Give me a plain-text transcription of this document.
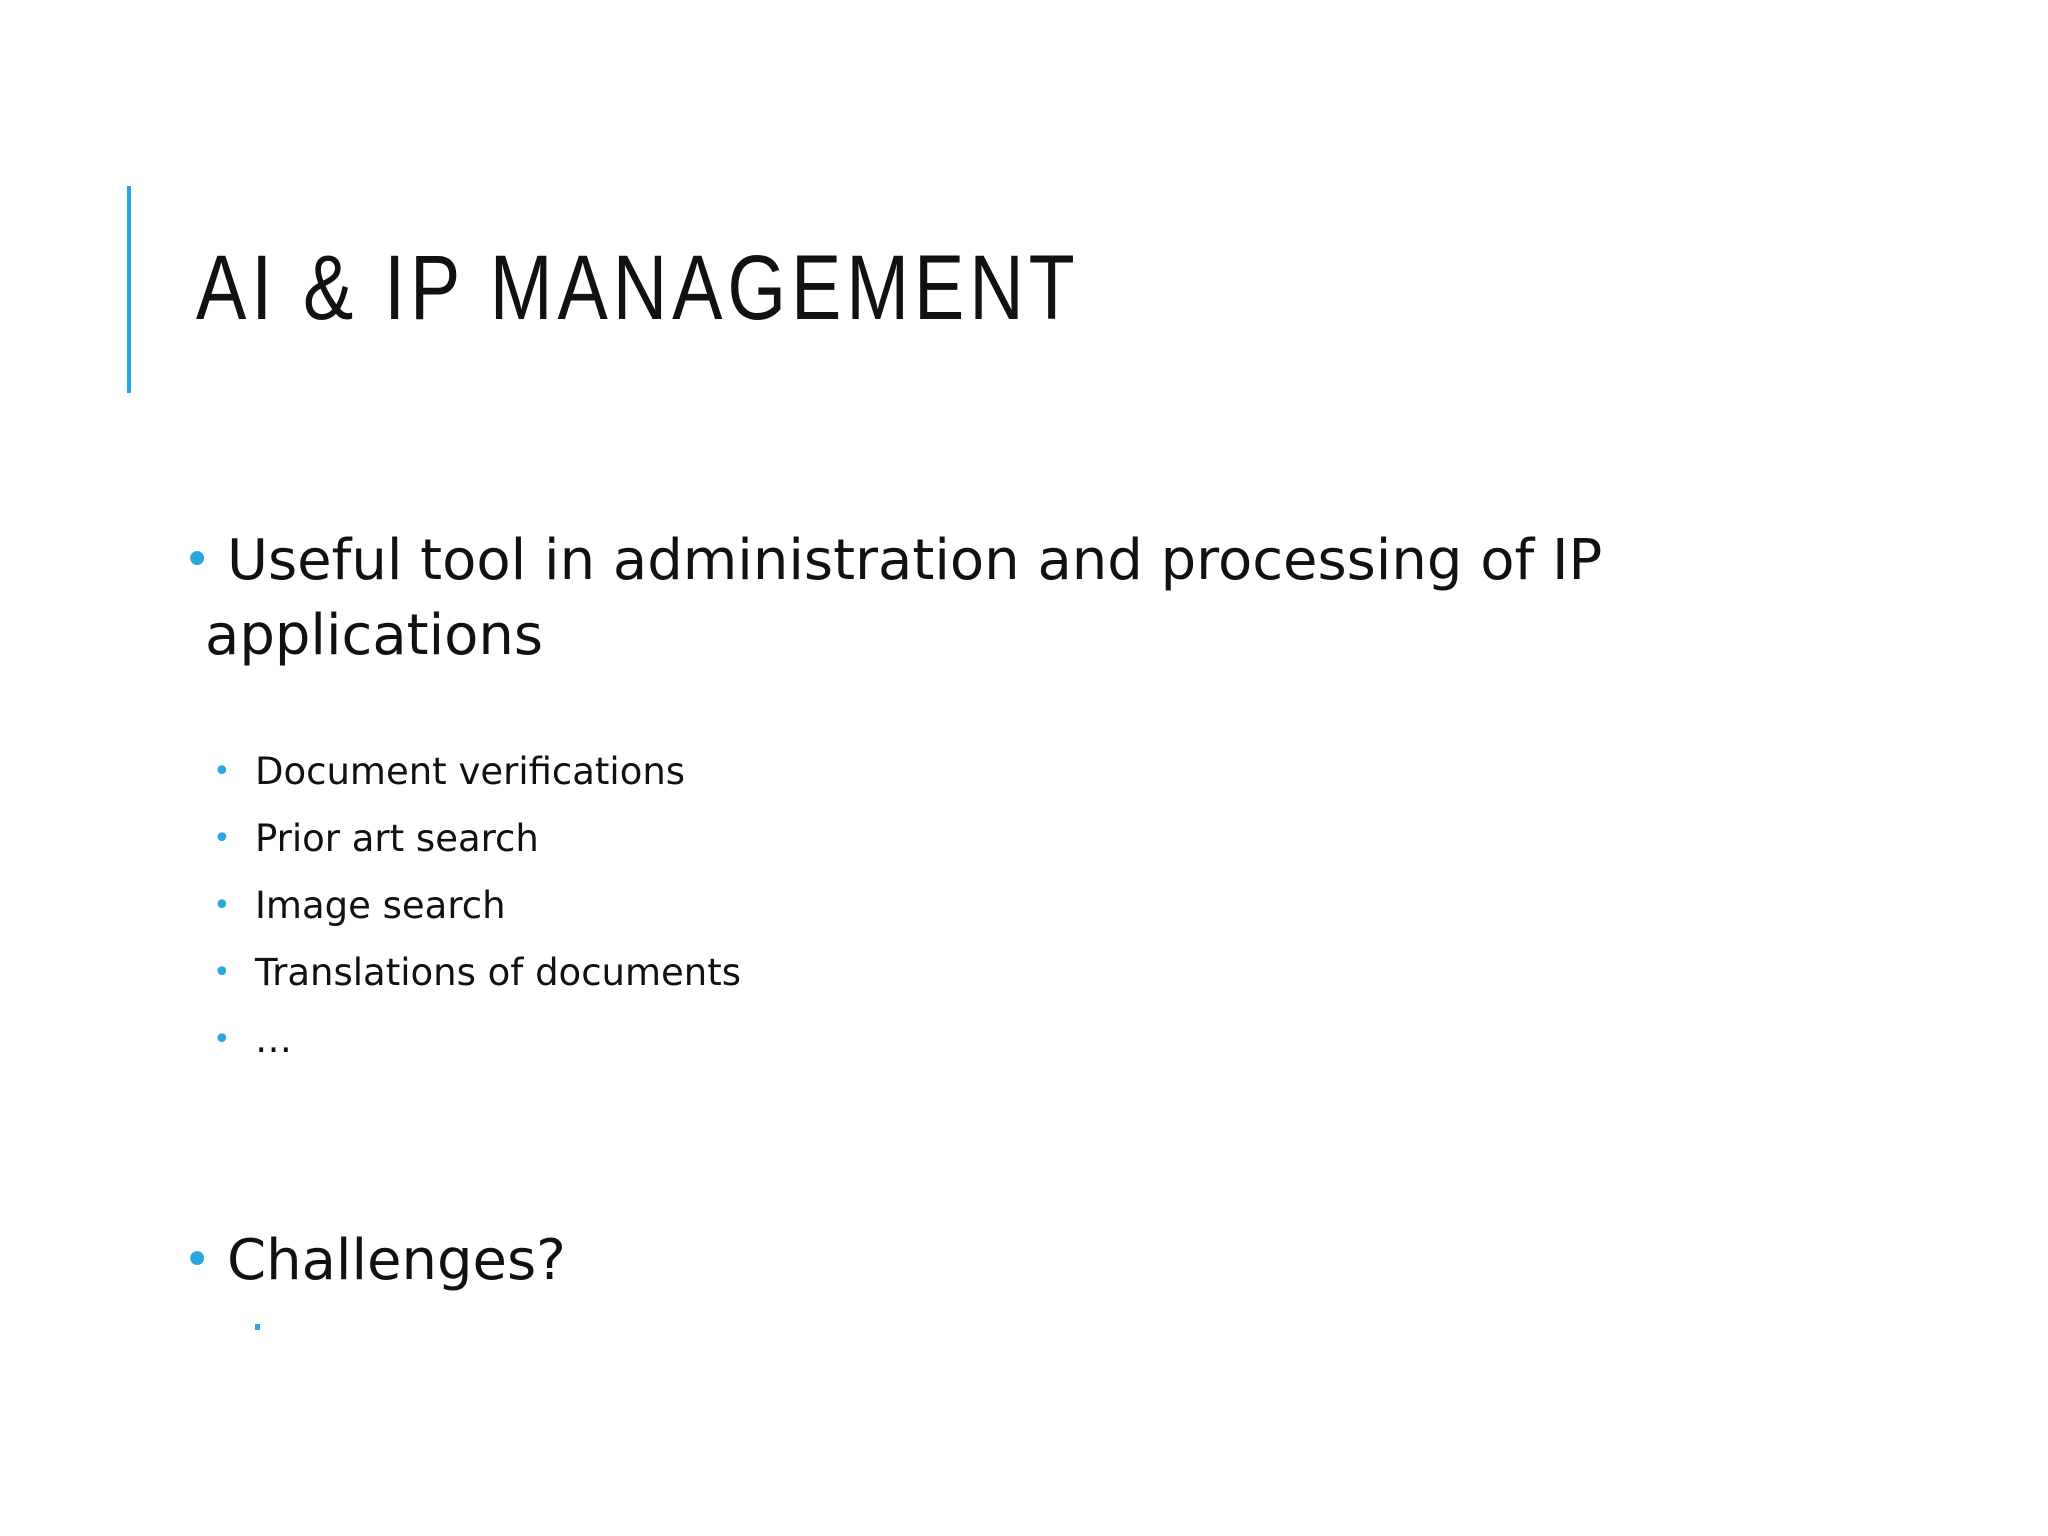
AI & IP MANAGEMENT
• Useful tool in administration and processing of IP
applications
• Document verifications
• Prior art search
• Image search
• Translations of documents
• …
• Challenges?
